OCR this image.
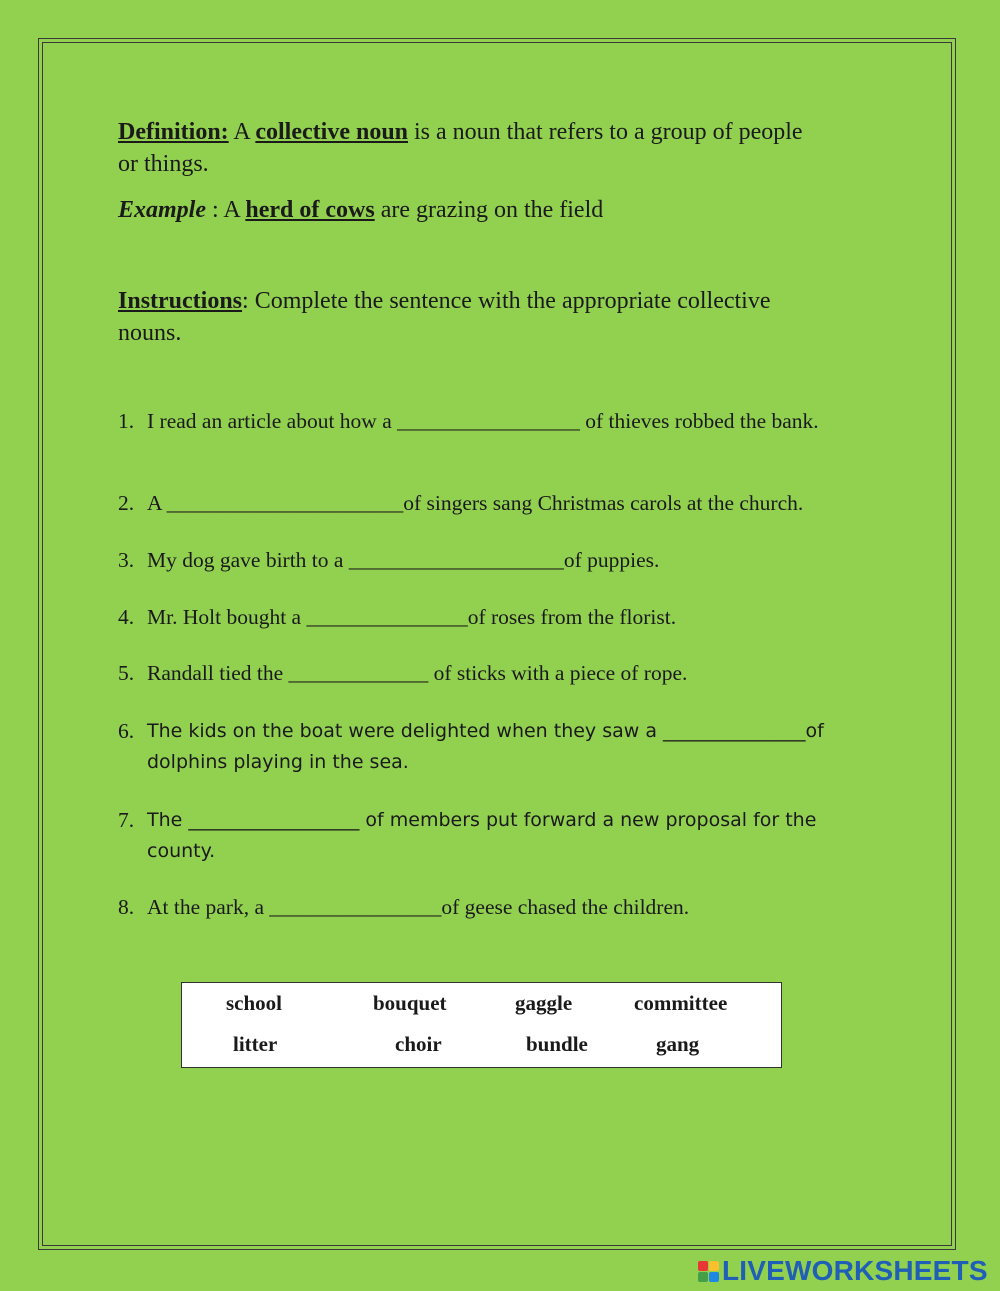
Definition: A collective noun is a noun that refers to a group of people
or things.
Example : A herd of cows are grazing on the field
Instructions: Complete the sentence with the appropriate collective
nouns.
1. I read an article about how a _________________ of thieves robbed the bank.
2. A ______________________of singers sang Christmas carols at the church.
3. My dog gave birth to a ____________________of puppies.
4. Mr. Holt bought a _______________of roses from the florist.
5. Randall tied the _____________ of sticks with a piece of rope.
6. The kids on the boat were delighted when they saw a _______________of
dolphins playing in the sea.
7. The __________________ of members put forward a new proposal for the
county.
8. At the park, a ________________of geese chased the children.
school	bouquet	gaggle	committee
litter	choir	bundle	gang
LIVEWORKSHEETS
